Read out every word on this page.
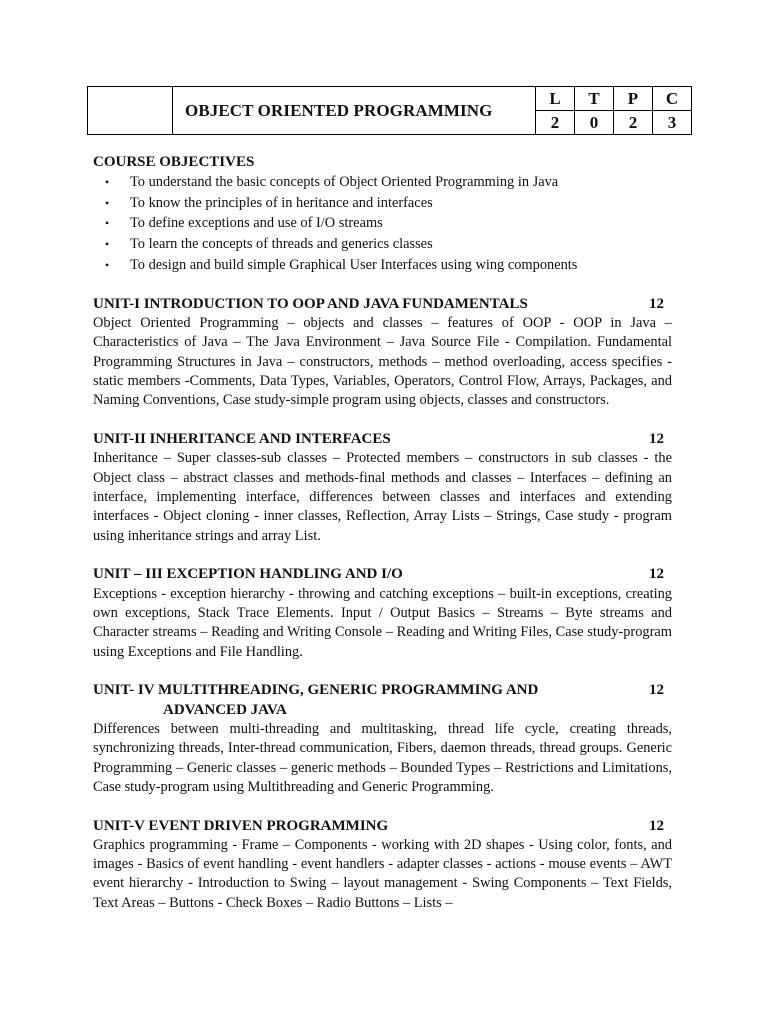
	OBJECT ORIENTED PROGRAMMING	L	T	P	C
		2	0	2	3

COURSE OBJECTIVES

• To understand the basic concepts of Object Oriented Programming in Java
• To know the principles of in heritance and interfaces
• To define exceptions and use of I/O streams
• To learn the concepts of threads and generics classes
• To design and build simple Graphical User Interfaces using wing components

UNIT-I INTRODUCTION TO OOP AND JAVA FUNDAMENTALS	12

Object Oriented Programming – objects and classes – features of OOP - OOP in Java – Characteristics of Java – The Java Environment – Java Source File - Compilation. Fundamental Programming Structures in Java – constructors, methods – method overloading, access specifies -static members -Comments, Data Types, Variables, Operators, Control Flow, Arrays, Packages, and Naming Conventions, Case study-simple program using objects, classes and constructors.

UNIT-II INHERITANCE AND INTERFACES	12

Inheritance – Super classes-sub classes – Protected members – constructors in sub classes - the Object class – abstract classes and methods-final methods and classes – Interfaces – defining an interface, implementing interface, differences between classes and interfaces and extending interfaces - Object cloning - inner classes, Reflection, Array Lists – Strings, Case study - program using inheritance strings and array List.

UNIT – III EXCEPTION HANDLING AND I/O	12

Exceptions - exception hierarchy - throwing and catching exceptions – built-in exceptions, creating own exceptions, Stack Trace Elements. Input / Output Basics – Streams – Byte streams and Character streams – Reading and Writing Console – Reading and Writing Files, Case study-program using Exceptions and File Handling.

UNIT- IV MULTITHREADING, GENERIC PROGRAMMING AND	12

ADVANCED JAVA

Differences between multi-threading and multitasking, thread life cycle, creating threads, synchronizing threads, Inter-thread communication, Fibers, daemon threads, thread groups. Generic Programming – Generic classes – generic methods – Bounded Types – Restrictions and Limitations, Case study-program using Multithreading and Generic Programming.

UNIT-V EVENT DRIVEN PROGRAMMING	12

Graphics programming - Frame – Components - working with 2D shapes - Using color, fonts, and images - Basics of event handling - event handlers - adapter classes - actions - mouse events – AWT event hierarchy - Introduction to Swing – layout management - Swing Components – Text Fields, Text Areas – Buttons - Check Boxes – Radio Buttons – Lists –
